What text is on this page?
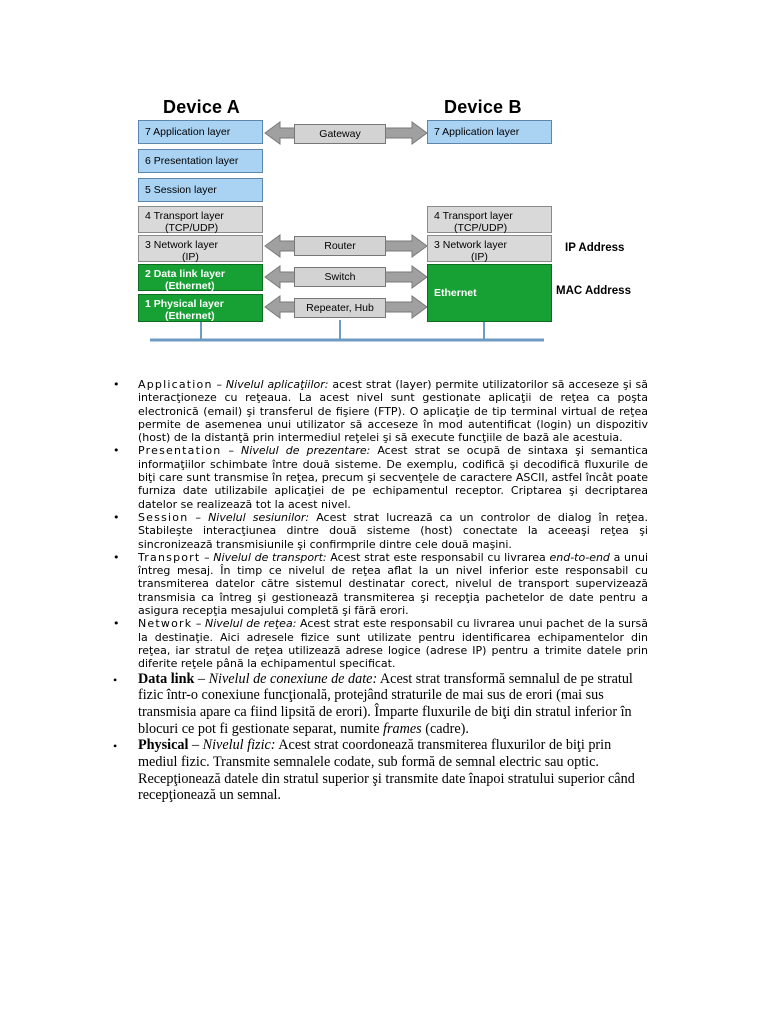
Device A	Device B
7 Application layer
6 Presentation layer
5 Session layer
4 Transport layer
(TCP/UDP)
3 Network layer
(IP)
2 Data link layer
(Ethernet)
1 Physical layer
(Ethernet)
7 Application layer
4 Transport layer
(TCP/UDP)
3 Network layer
(IP)
Ethernet
Gateway
Router
Switch
Repeater, Hub
IP Address
MAC Address
• Application – Nivelul aplicaţiilor: acest strat (layer) permite utilizatorilor să acceseze şi să interacţioneze cu reţeaua. La acest nivel sunt gestionate aplicaţii de reţea ca poşta electronică (email) şi transferul de fişiere (FTP). O aplicaţie de tip terminal virtual de reţea permite de asemenea unui utilizator să acceseze în mod autentificat (login) un dispozitiv (host) de la distanţă prin intermediul reţelei şi să execute funcţiile de bază ale acestuia.
• Presentation – Nivelul de prezentare: Acest strat se ocupă de sintaxa şi semantica informaţiilor schimbate între două sisteme. De exemplu, codifică şi decodifică fluxurile de biţi care sunt transmise în reţea, precum şi secvenţele de caractere ASCII, astfel încât poate furniza date utilizabile aplicaţiei de pe echipamentul receptor. Criptarea şi decriptarea datelor se realizează tot la acest nivel.
• Session – Nivelul sesiunilor: Acest strat lucrează ca un controlor de dialog în reţea. Stabileşte interacţiunea dintre două sisteme (host) conectate la aceeaşi reţea şi sincronizează transmisiunile şi confirmprile dintre cele două maşini.
• Transport – Nivelul de transport: Acest strat este responsabil cu livrarea end-to-end a unui întreg mesaj. În timp ce nivelul de reţea aflat la un nivel inferior este responsabil cu transmiterea datelor către sistemul destinatar corect, nivelul de transport supervizează transmisia ca întreg şi gestionează transmiterea şi recepţia pachetelor de date pentru a asigura recepţia mesajului completă şi fără erori.
• Network – Nivelul de reţea: Acest strat este responsabil cu livrarea unui pachet de la sursă la destinaţie. Aici adresele fizice sunt utilizate pentru identificarea echipamentelor din reţea, iar stratul de reţea utilizează adrese logice (adrese IP) pentru a trimite datele prin diferite reţele până la echipamentul specificat.
• Data link – Nivelul de conexiune de date: Acest strat transformă semnalul de pe stratul fizic într-o conexiune funcţională, protejând straturile de mai sus de erori (mai sus transmisia apare ca fiind lipsită de erori). Împarte fluxurile de biţi din stratul inferior în blocuri ce pot fi gestionate separat, numite frames (cadre).
• Physical – Nivelul fizic: Acest strat coordonează transmiterea fluxurilor de biţi prin mediul fizic. Transmite semnalele codate, sub formă de semnal electric sau optic. Recepţionează datele din stratul superior şi transmite date înapoi stratului superior când recepţionează un semnal.
